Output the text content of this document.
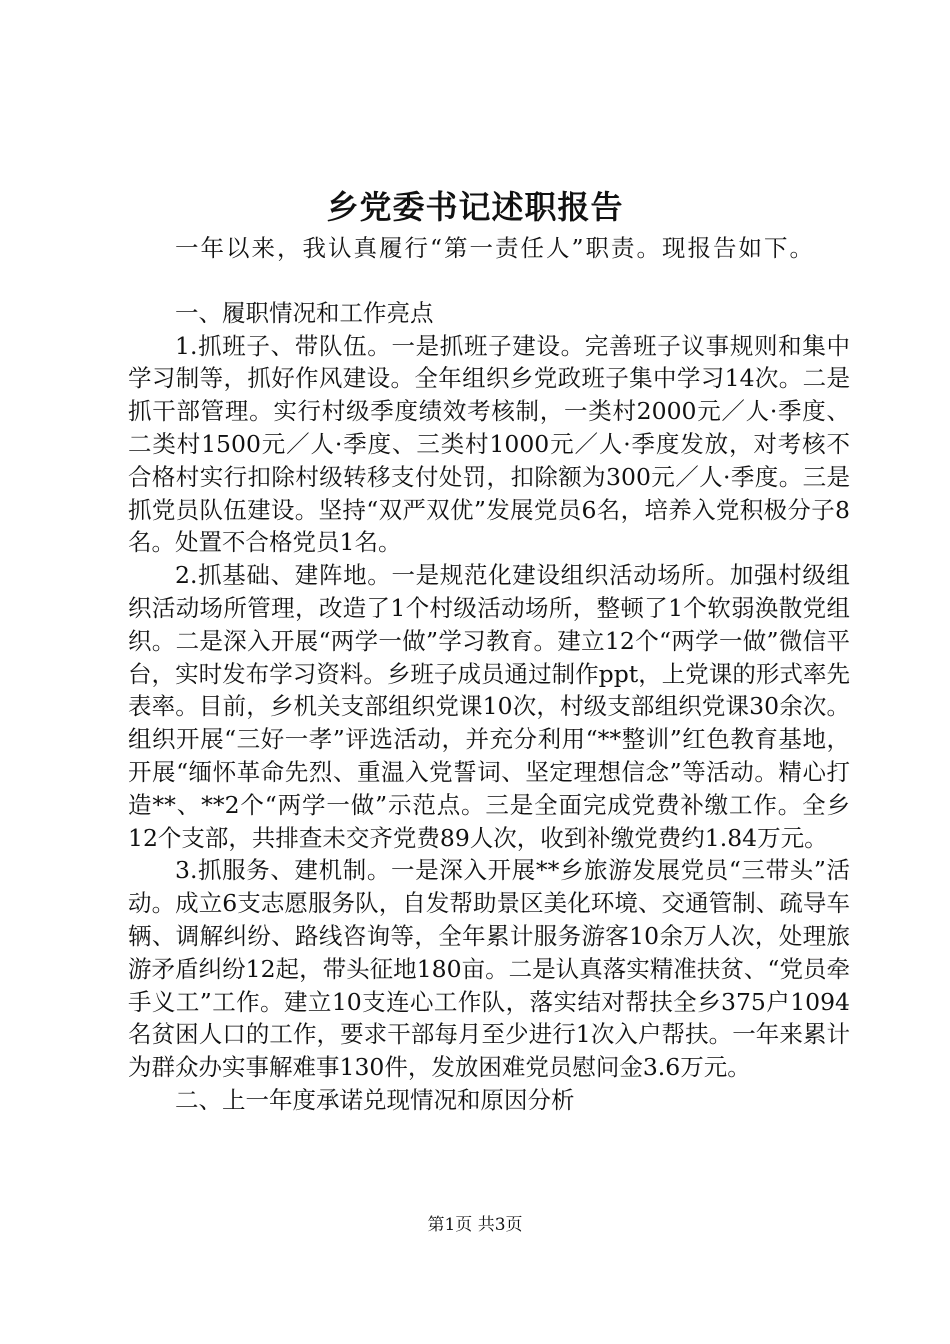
乡党委书记述职报告

一年以来，我认真履行“第一责任人”职责。现报告如下。

一、履职情况和工作亮点

1.抓班子、带队伍。一是抓班子建设。完善班子议事规则和集中学习制等，抓好作风建设。全年组织乡党政班子集中学习14次。二是抓干部管理。实行村级季度绩效考核制，一类村2000元／人·季度、二类村1500元／人·季度、三类村1000元／人·季度发放，对考核不合格村实行扣除村级转移支付处罚，扣除额为300元／人·季度。三是抓党员队伍建设。坚持“双严双优”发展党员6名，培养入党积极分子8名。处置不合格党员1名。

2.抓基础、建阵地。一是规范化建设组织活动场所。加强村级组织活动场所管理，改造了1个村级活动场所，整顿了1个软弱涣散党组织。二是深入开展“两学一做”学习教育。建立12个“两学一做”微信平台，实时发布学习资料。乡班子成员通过制作ppt，上党课的形式率先表率。目前，乡机关支部组织党课10次，村级支部组织党课30余次。组织开展“三好一孝”评选活动，并充分利用“**整训”红色教育基地，开展“缅怀革命先烈、重温入党誓词、坚定理想信念”等活动。精心打造**、**2个“两学一做”示范点。三是全面完成党费补缴工作。全乡12个支部，共排查未交齐党费89人次，收到补缴党费约1.84万元。

3.抓服务、建机制。一是深入开展**乡旅游发展党员“三带头”活动。成立6支志愿服务队，自发帮助景区美化环境、交通管制、疏导车辆、调解纠纷、路线咨询等，全年累计服务游客10余万人次，处理旅游矛盾纠纷12起，带头征地180亩。二是认真落实精准扶贫、“党员牵手义工”工作。建立10支连心工作队，落实结对帮扶全乡375户1094名贫困人口的工作，要求干部每月至少进行1次入户帮扶。一年来累计为群众办实事解难事130件，发放困难党员慰问金3.6万元。

二、上一年度承诺兑现情况和原因分析

第1页 共3页
